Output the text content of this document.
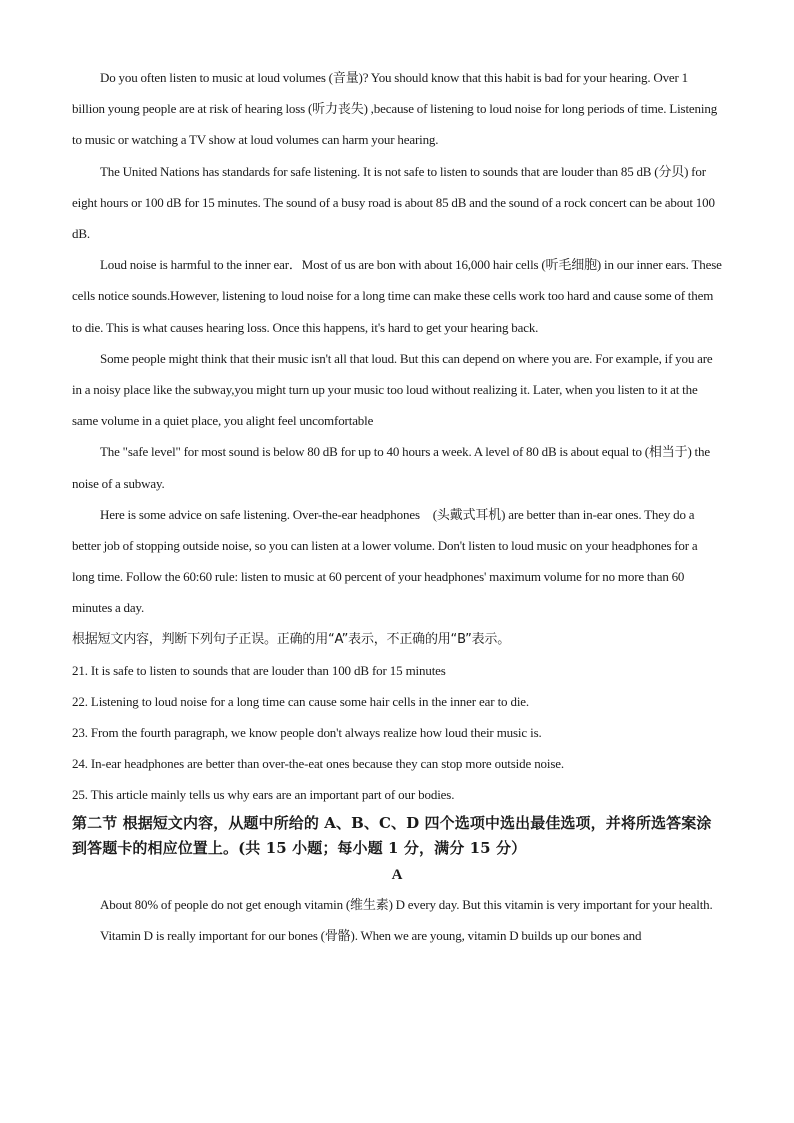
Do you often listen to music at loud volumes (音量)? You should know that this habit is bad for your hearing. Over 1 billion young people are at risk of hearing loss (听力丧失) ,because of listening to loud noise for long periods of time. Listening to music or watching a TV show at loud volumes can harm your hearing.

The United Nations has standards for safe listening. It is not safe to listen to sounds that are louder than 85 dB (分贝) for eight hours or 100 dB for 15 minutes. The sound of a busy road is about 85 dB and the sound of a rock concert can be about 100 dB.

Loud noise is harmful to the inner ear．Most of us are bon with about 16,000 hair cells (听毛细胞) in our inner ears. These cells notice sounds.However, listening to loud noise for a long time can make these cells work too hard and cause some of them to die. This is what causes hearing loss. Once this happens, it's hard to get your hearing back.

Some people might think that their music isn't all that loud. But this can depend on where you are. For example, if you are in a noisy place like the subway,you might turn up your music too loud without realizing it. Later, when you listen to it at the same volume in a quiet place, you alight feel uncomfortable

The "safe level" for most sound is below 80 dB for up to 40 hours a week. A level of 80 dB is about equal to (相当于) the noise of a subway.

Here is some advice on safe listening. Over-the-ear headphones　(头戴式耳机) are better than in-ear ones. They do a better job of stopping outside noise, so you can listen at a lower volume. Don't listen to loud music on your headphones for a long time. Follow the 60:60 rule: listen to music at 60 percent of your headphones' maximum volume for no more than 60 minutes a day.

根据短文内容，判断下列句子正误。正确的用“A”表示，不正确的用“B”表示。

21. It is safe to listen to sounds that are louder than 100 dB for 15 minutes

22. Listening to loud noise for a long time can cause some hair cells in the inner ear to die.

23. From the fourth paragraph, we know people don't always realize how loud their music is.

24. In-ear headphones are better than over-the-eat ones because they can stop more outside noise.

25. This article mainly tells us why ears are an important part of our bodies.

第二节 根据短文内容，从题中所给的 A、B、C、D 四个选项中选出最佳选项，并将所选答案涂到答题卡的相应位置上。(共 15 小题；每小题 1 分，满分 15 分）

A

About 80% of people do not get enough vitamin (维生素) D every day. But this vitamin is very important for your health.

Vitamin D is really important for our bones (骨骼). When we are young, vitamin D builds up our bones and
